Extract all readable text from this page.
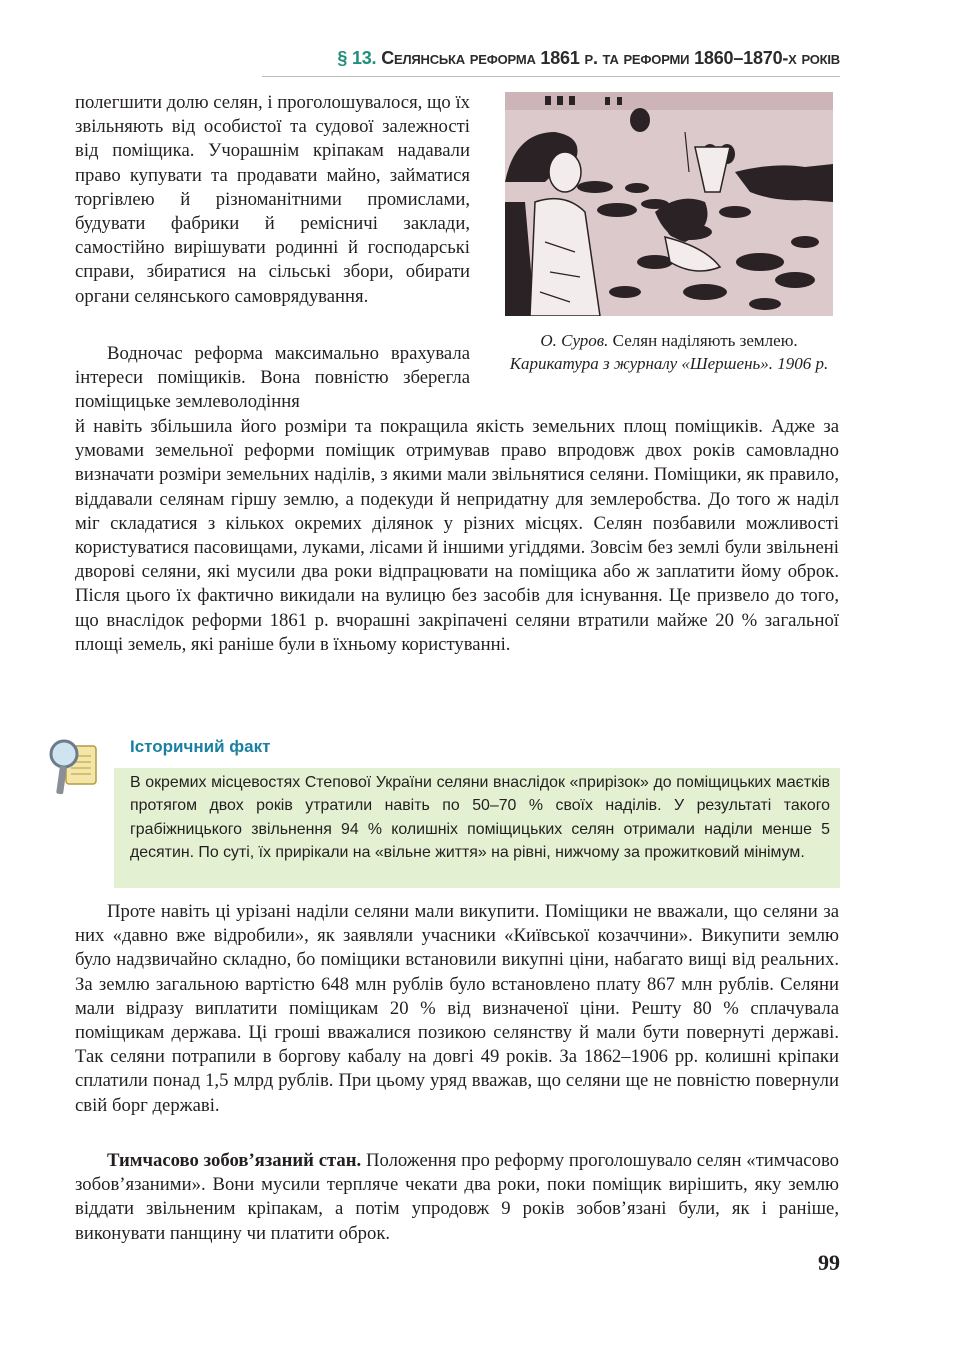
§ 13. Селянська реформа 1861 р. та реформи 1860–1870-х років

полегшити долю селян, і проголошувалося, що їх звільняють від особистої та судової залежності від поміщика. Учорашнім кріпакам надавали право купувати та продавати майно, займатися торгівлею й різноманітними промислами, будувати фабрики й ремісничі заклади, самостійно вирішувати родинні й господарські справи, збиратися на сільські збори, обирати органи селянського самоврядування.

Водночас реформа максимально врахувала інтереси поміщиків. Вона повністю зберегла поміщицьке землеволодіння

й навіть збільшила його розміри та покращила якість земельних площ поміщиків. Адже за умовами земельної реформи поміщик отримував право впродовж двох років самовладно визначати розміри земельних наділів, з якими мали звільнятися селяни. Поміщики, як правило, віддавали селянам гіршу землю, а подекуди й непридатну для землеробства. До того ж наділ міг складатися з кількох окремих ділянок у різних місцях. Селян позбавили можливості користуватися пасовищами, луками, лісами й іншими угіддями. Зовсім без землі були звільнені дворові селяни, які мусили два роки відпрацювати на поміщика або ж заплатити йому оброк. Після цього їх фактично викидали на вулицю без засобів для існування. Це призвело до того, що внаслідок реформи 1861 р. вчорашні закріпачені селяни втратили майже 20 % загальної площі земель, які раніше були в їхньому користуванні.

О. Суров. Селян наділяють землею. Карикатура з журналу «Шершень». 1906 р.
Історичний факт

В окремих місцевостях Степової України селяни внаслідок «прирізок» до поміщицьких маєтків протягом двох років утратили навіть по 50–70 % своїх наділів. У результаті такого грабіжницького звільнення 94 % колишніх поміщицьких селян отримали наділи менше 5 десятин. По суті, їх прирікали на «вільне життя» на рівні, нижчому за прожитковий мінімум.

Проте навіть ці урізані наділи селяни мали викупити. Поміщики не вважали, що селяни за них «давно вже відробили», як заявляли учасники «Київської козаччини». Викупити землю було надзвичайно складно, бо поміщики встановили викупні ціни, набагато вищі від реальних. За землю загальною вартістю 648 млн рублів було встановлено плату 867 млн рублів. Селяни мали відразу виплатити поміщикам 20 % від визначеної ціни. Решту 80 % сплачувала поміщикам держава. Ці гроші вважалися позикою селянству й мали бути повернуті державі. Так селяни потрапили в боргову кабалу на довгі 49 років. За 1862–1906 рр. колишні кріпаки сплатили понад 1,5 млрд рублів. При цьому уряд вважав, що селяни ще не повністю повернули свій борг державі.

Тимчасово зобов’язаний стан. Положення про реформу проголошувало селян «тимчасово зобов’язаними». Вони мусили терпляче чекати два роки, поки поміщик вирішить, яку землю віддати звільненим кріпакам, а потім упродовж 9 років зобов’язані були, як і раніше, виконувати панщину чи платити оброк.

99
